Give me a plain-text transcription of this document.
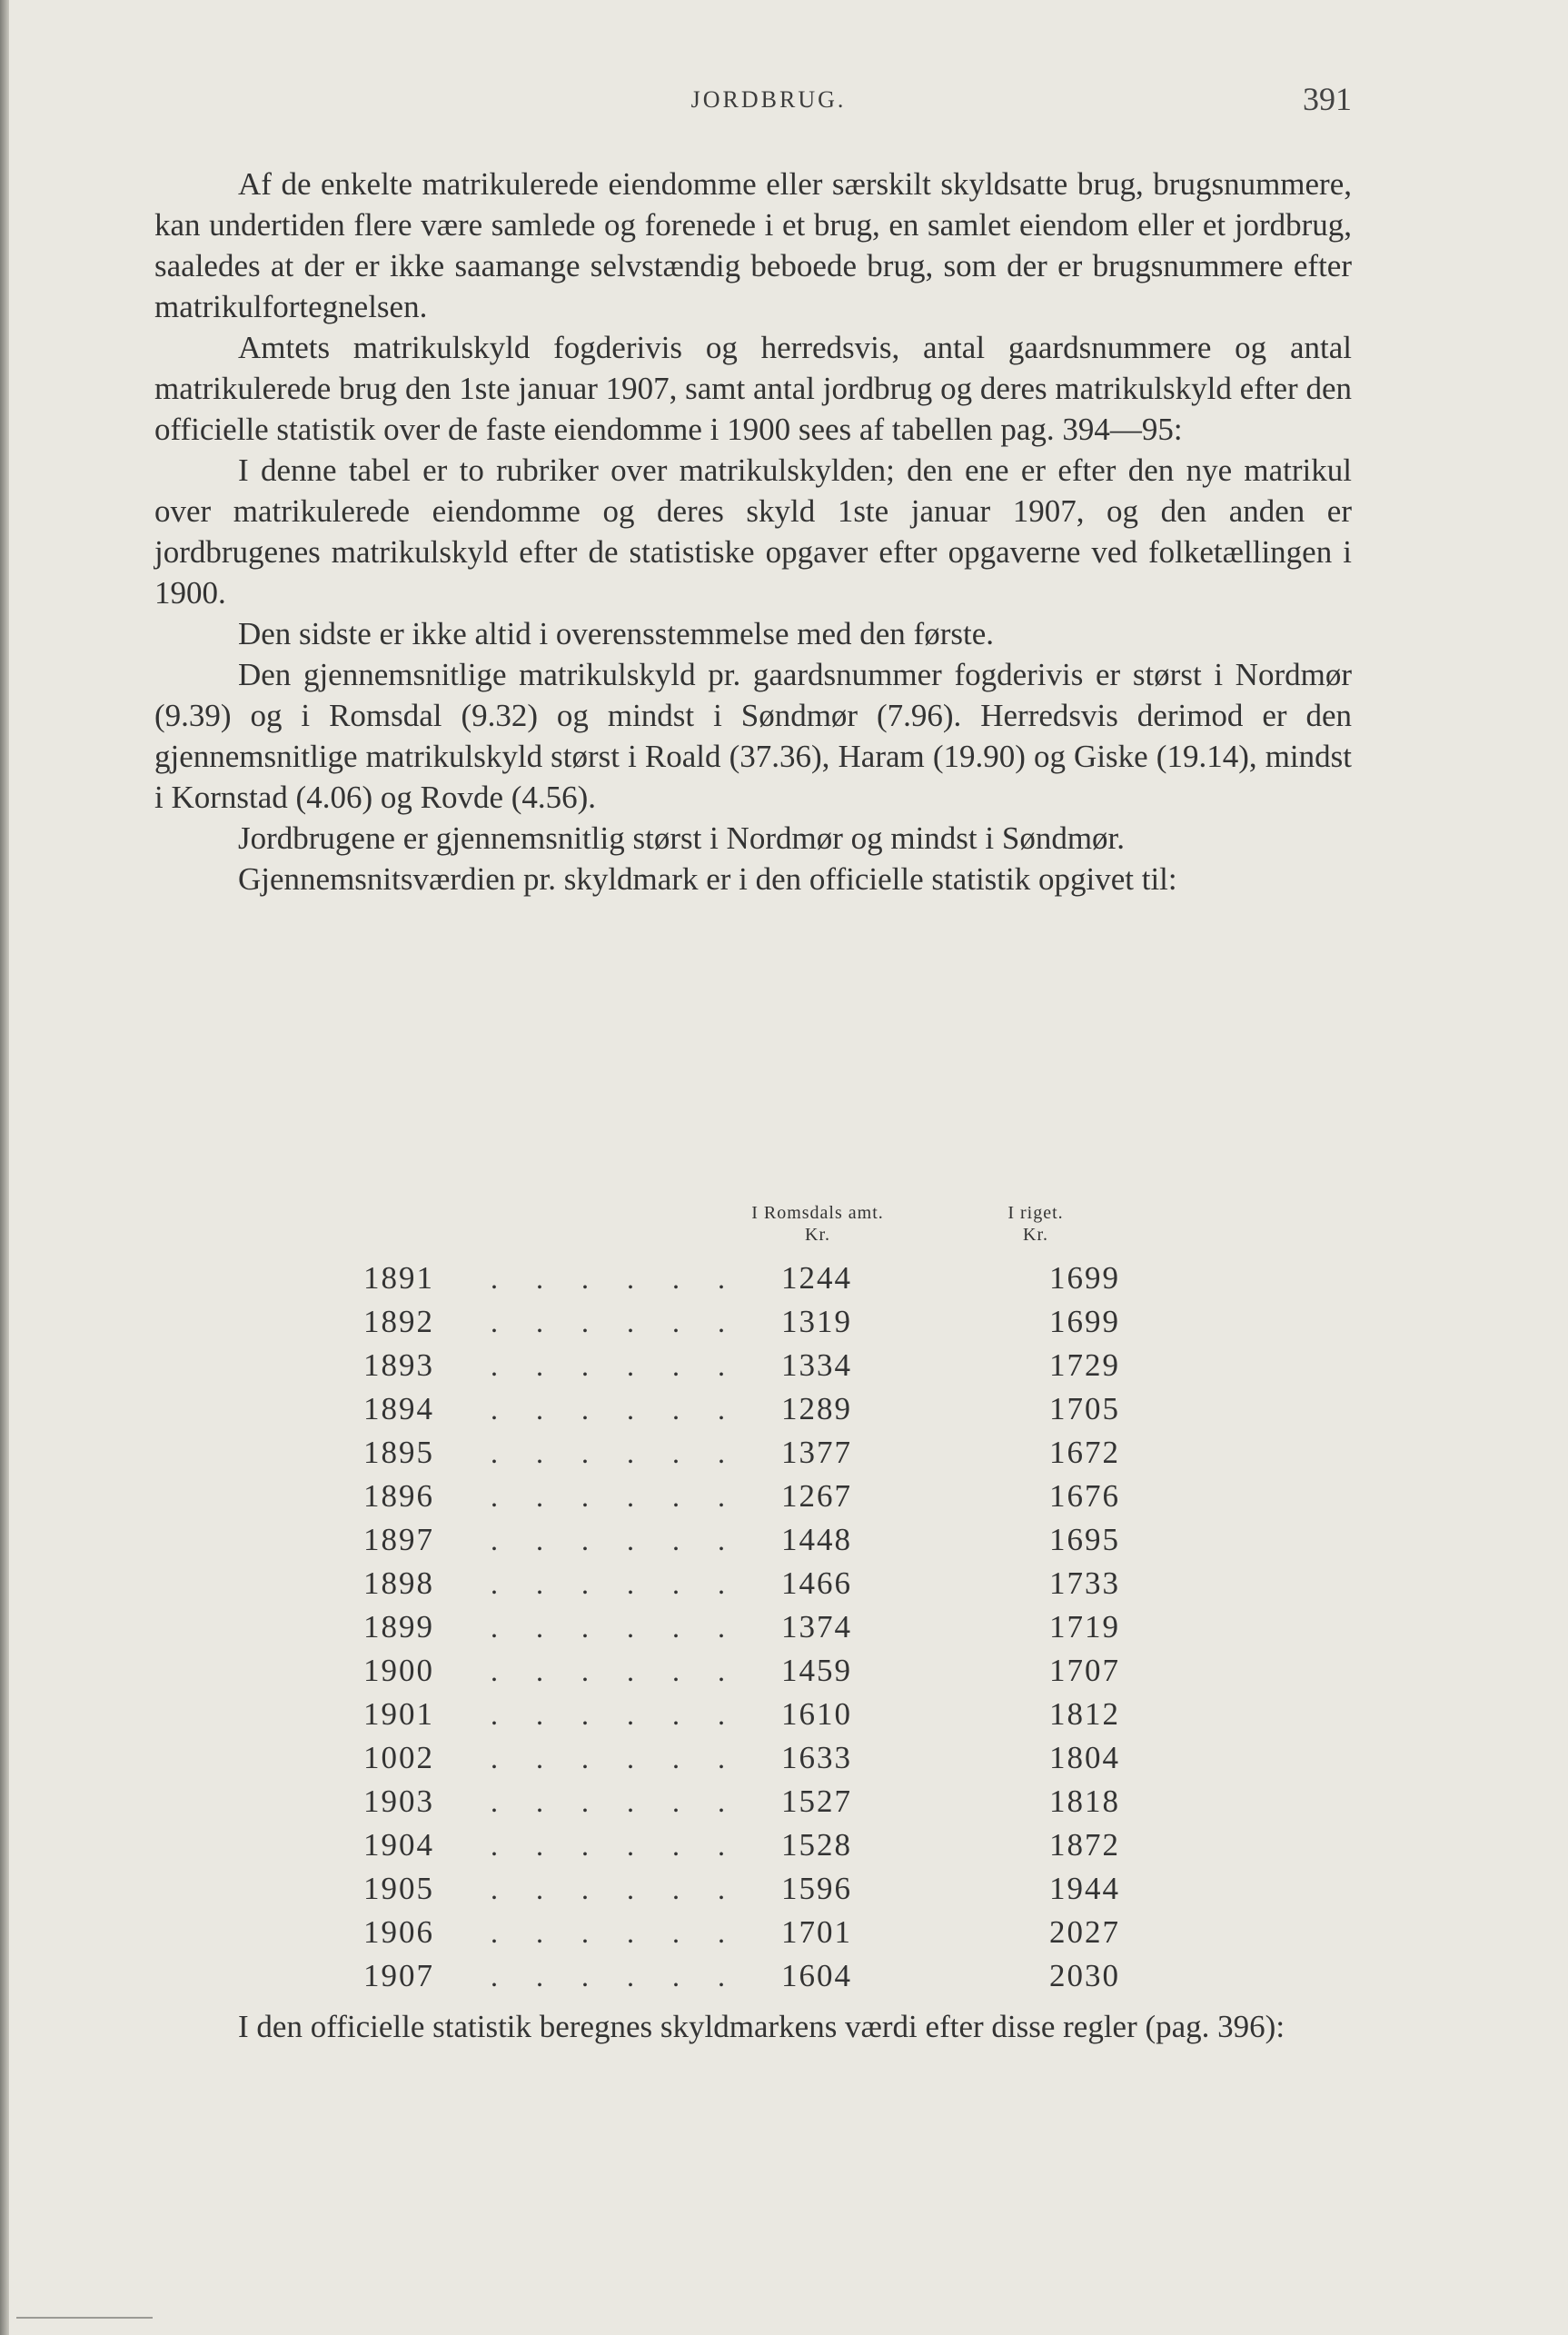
JORDBRUG.	391

Af de enkelte matrikulerede eiendomme eller særskilt skyldsatte brug, brugsnummere, kan undertiden flere være samlede og forenede i et brug, en samlet eiendom eller et jordbrug, saaledes at der er ikke saamange selvstændig beboede brug, som der er brugsnummere efter matrikulfortegnelsen.

Amtets matrikulskyld fogderivis og herredsvis, antal gaardsnummere og antal matrikulerede brug den 1ste januar 1907, samt antal jordbrug og deres matrikulskyld efter den officielle statistik over de faste eiendomme i 1900 sees af tabellen pag. 394—95:

I denne tabel er to rubriker over matrikulskylden; den ene er efter den nye matrikul over matrikulerede eiendomme og deres skyld 1ste januar 1907, og den anden er jordbrugenes matrikulskyld efter de statistiske opgaver efter opgaverne ved folketællingen i 1900.

Den sidste er ikke altid i overensstemmelse med den første.

Den gjennemsnitlige matrikulskyld pr. gaardsnummer fogderivis er størst i Nordmør (9.39) og i Romsdal (9.32) og mindst i Søndmør (7.96). Herredsvis derimod er den gjennemsnitlige matrikulskyld størst i Roald (37.36), Haram (19.90) og Giske (19.14), mindst i Kornstad (4.06) og Rovde (4.56).

Jordbrugene er gjennemsnitlig størst i Nordmør og mindst i Søndmør.

Gjennemsnitsværdien pr. skyldmark er i den officielle statistik opgivet til:

I Romsdals amt.
Kr.
I riget.
Kr.
1891	. . . . . .	1244	1699
1892	. . . . . .	1319	1699
1893	. . . . . .	1334	1729
1894	. . . . . .	1289	1705
1895	. . . . . .	1377	1672
1896	. . . . . .	1267	1676
1897	. . . . . .	1448	1695
1898	. . . . . .	1466	1733
1899	. . . . . .	1374	1719
1900	. . . . . .	1459	1707
1901	. . . . . .	1610	1812
1002	. . . . . .	1633	1804
1903	. . . . . .	1527	1818
1904	. . . . . .	1528	1872
1905	. . . . . .	1596	1944
1906	. . . . . .	1701	2027
1907	. . . . . .	1604	2030

I den officielle statistik beregnes skyldmarkens værdi efter disse regler (pag. 396):
